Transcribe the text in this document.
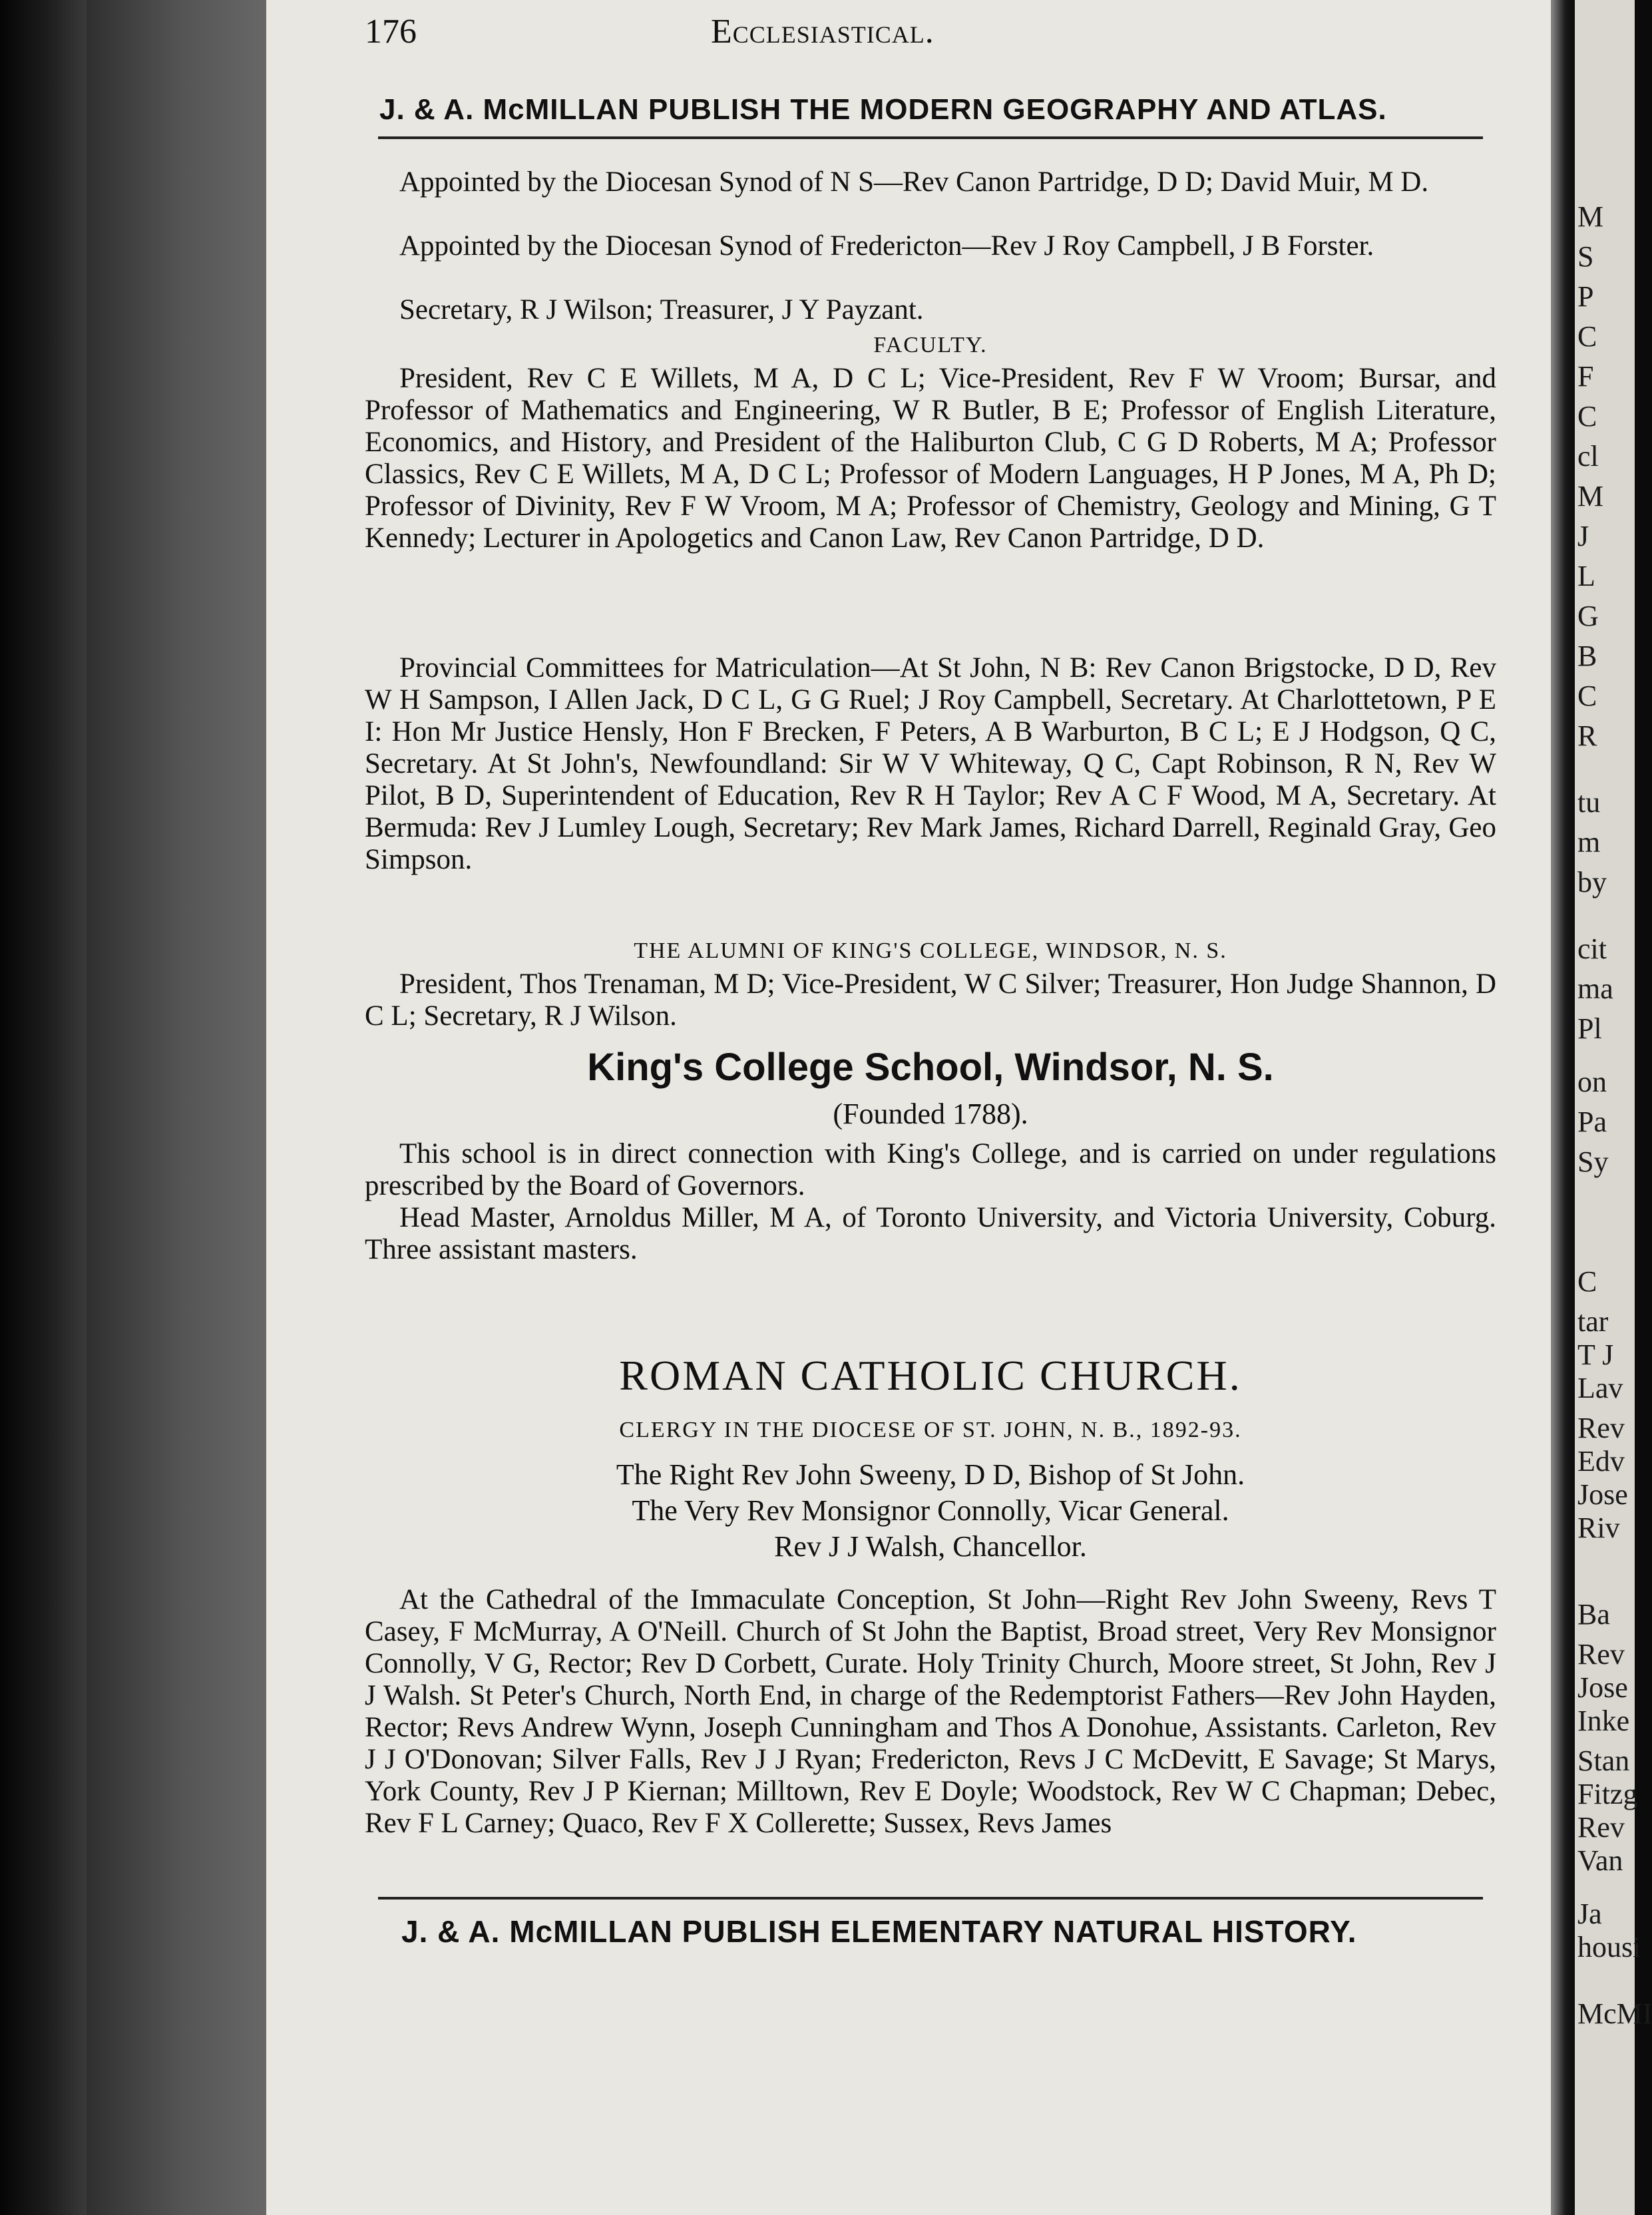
M
S
P
C
F
C
cl
M
J
L
G
B
C
R
tu
m
by
cit
ma
Pl
on
Pa
Sy
C
tar
T J
Lav
Rev
Edv
Jose
Riv
Ba
Rev
Jose
Inke
Stan
Fitzg
Rev
Van
Ja
housi
McMI
176	Ecclesiastical.
J. & A. McMILLAN PUBLISH THE MODERN GEOGRAPHY AND ATLAS.

Appointed by the Diocesan Synod of N S—Rev Canon Partridge, D D; David Muir, M D.

Appointed by the Diocesan Synod of Fredericton—Rev J Roy Campbell, J B Forster.

Secretary, R J Wilson; Treasurer, J Y Payzant.

FACULTY.

President, Rev C E Willets, M A, D C L; Vice-President, Rev F W Vroom; Bursar, and Professor of Mathematics and Engineering, W R Butler, B E; Professor of English Literature, Economics, and History, and President of the Haliburton Club, C G D Roberts, M A; Professor Classics, Rev C E Willets, M A, D C L; Professor of Modern Languages, H P Jones, M A, Ph D; Professor of Divinity, Rev F W Vroom, M A; Professor of Chemistry, Geology and Mining, G T Kennedy; Lecturer in Apologetics and Canon Law, Rev Canon Partridge, D D.

Provincial Committees for Matriculation—At St John, N B: Rev Canon Brigstocke, D D, Rev W H Sampson, I Allen Jack, D C L, G G Ruel; J Roy Campbell, Secretary. At Charlottetown, P E I: Hon Mr Justice Hensly, Hon F Brecken, F Peters, A B Warburton, B C L; E J Hodgson, Q C, Secretary. At St John's, Newfoundland: Sir W V Whiteway, Q C, Capt Robinson, R N, Rev W Pilot, B D, Superintendent of Education, Rev R H Taylor; Rev A C F Wood, M A, Secretary. At Bermuda: Rev J Lumley Lough, Secretary; Rev Mark James, Richard Darrell, Reginald Gray, Geo Simpson.

THE ALUMNI OF KING'S COLLEGE, WINDSOR, N. S.

President, Thos Trenaman, M D; Vice-President, W C Silver; Treasurer, Hon Judge Shannon, D C L; Secretary, R J Wilson.

King's College School, Windsor, N. S.
(Founded 1788).

This school is in direct connection with King's College, and is carried on under regulations prescribed by the Board of Governors.

Head Master, Arnoldus Miller, M A, of Toronto University, and Victoria University, Coburg. Three assistant masters.

ROMAN CATHOLIC CHURCH.
CLERGY IN THE DIOCESE OF ST. JOHN, N. B., 1892-93.
The Right Rev John Sweeny, D D, Bishop of St John.
The Very Rev Monsignor Connolly, Vicar General.
Rev J J Walsh, Chancellor.

At the Cathedral of the Immaculate Conception, St John—Right Rev John Sweeny, Revs T Casey, F McMurray, A O'Neill. Church of St John the Baptist, Broad street, Very Rev Monsignor Connolly, V G, Rector; Rev D Corbett, Curate. Holy Trinity Church, Moore street, St John, Rev J J Walsh. St Peter's Church, North End, in charge of the Redemptorist Fathers—Rev John Hayden, Rector; Revs Andrew Wynn, Joseph Cunningham and Thos A Donohue, Assistants. Carleton, Rev J J O'Donovan; Silver Falls, Rev J J Ryan; Fredericton, Revs J C McDevitt, E Savage; St Marys, York County, Rev J P Kiernan; Milltown, Rev E Doyle; Woodstock, Rev W C Chapman; Debec, Rev F L Carney; Quaco, Rev F X Collerette; Sussex, Revs James

J. & A. McMILLAN PUBLISH ELEMENTARY NATURAL HISTORY.
